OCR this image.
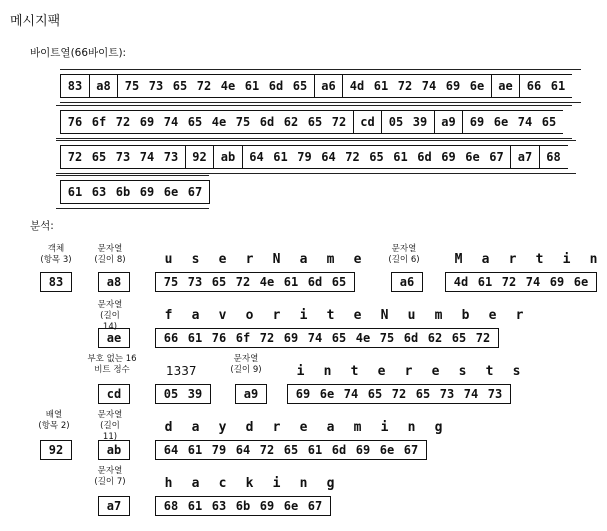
메시지팩
바이트열(66바이트):
83	a8	75 73 65 72 4e 61 6d 65	a6	4d 61 72 74 69 6e	ae	66 61
76 6f 72 69 74 65 4e 75 6d 62 65 72	cd	05 39	a9	69 6e 74 65
72 65 73 74 73	92	ab	64 61 79 64 72 65 61 6d 69 6e 67	a7	68
61 63 6b 69 6e 67
분석:
객체
(항목 3)
83
문자열
(길이 8)
a8
u	s	e	r	N	a	m	e
75 73 65 72 4e 61 6d 65
문자열
(길이 6)
a6
M	a	r	t	i	n
4d 61 72 74 69 6e
문자열
(길이 14)
ae
f	a	v	o	r	i	t	e	N	u	m	b	e	r
66 61 76 6f 72 69 74 65 4e 75 6d 62 65 72
부호 없는 16
비트 정수
cd
1337
05 39
문자열
(길이 9)
a9
i	n	t	e	r	e	s	t	s
69 6e 74 65 72 65 73 74 73
배열
(항목 2)
92
문자열
(길이 11)
ab
d	a	y	d	r	e	a	m	i	n	g
64 61 79 64 72 65 61 6d 69 6e 67
문자열
(길이 7)
a7
h	a	c	k	i	n	g
68 61 63 6b 69 6e 67
